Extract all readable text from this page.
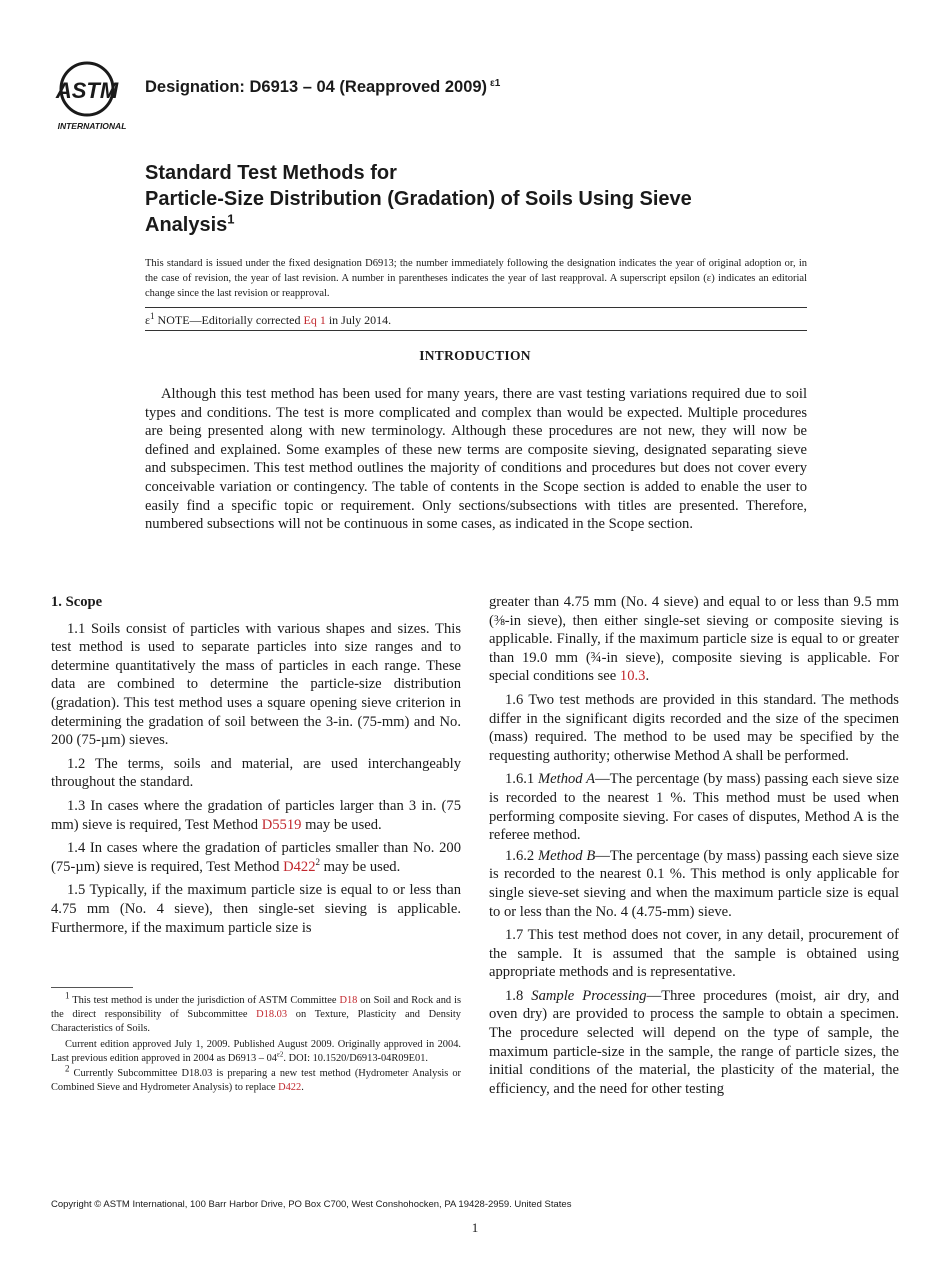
ASTM
INTERNATIONAL
Designation: D6913 – 04 (Reapproved 2009) $^{\varepsilon 1}$
Standard Test Methods for
Particle-Size Distribution (Gradation) of Soils Using Sieve
Analysis$^1$
This standard is issued under the fixed designation D6913; the number immediately following the designation indicates the year of original adoption or, in the case of revision, the year of last revision. A number in parentheses indicates the year of last reapproval. A superscript epsilon (ε) indicates an editorial change since the last revision or reapproval.
$\varepsilon^1$ NOTE—Editorially corrected Eq 1 in July 2014.
INTRODUCTION

Although this test method has been used for many years, there are vast testing variations required due to soil types and conditions. The test is more complicated and complex than would be expected. Multiple procedures are being presented along with new terminology. Although these procedures are not new, they will now be defined and explained. Some examples of these new terms are composite sieving, designated separating sieve and subspecimen. This test method outlines the majority of conditions and procedures but does not cover every conceivable variation or contingency. The table of contents in the Scope section is added to enable the user to easily find a specific topic or requirement. Only sections/subsections with titles are presented. Therefore, numbered subsections will not be continuous in some cases, as indicated in the Scope section.

1. Scope

1.1 Soils consist of particles with various shapes and sizes. This test method is used to separate particles into size ranges and to determine quantitatively the mass of particles in each range. These data are combined to determine the particle-size distribution (gradation). This test method uses a square opening sieve criterion in determining the gradation of soil between the 3-in. (75-mm) and No. 200 (75-µm) sieves.

1.2 The terms, soils and material, are used interchangeably throughout the standard.

1.3 In cases where the gradation of particles larger than 3 in. (75 mm) sieve is required, Test Method D5519 may be used.

1.4 In cases where the gradation of particles smaller than No. 200 (75-µm) sieve is required, Test Method $D422^2$ may be used.

1.5 Typically, if the maximum particle size is equal to or less than 4.75 mm (No. 4 sieve), then single-set sieving is applicable. Furthermore, if the maximum particle size is

$^1$ This test method is under the jurisdiction of ASTM Committee D18 on Soil and Rock and is the direct responsibility of Subcommittee D18.03 on Texture, Plasticity and Density Characteristics of Soils.

Current edition approved July 1, 2009. Published August 2009. Originally approved in 2004. Last previous edition approved in 2004 as $D6913 - 04^{\varepsilon 2}$. DOI: 10.1520/D6913-04R09E01.

$^2$ Currently Subcommittee D18.03 is preparing a new test method (Hydrometer Analysis or Combined Sieve and Hydrometer Analysis) to replace D422.

greater than 4.75 mm (No. 4 sieve) and equal to or less than 9.5 mm (⅜-in sieve), then either single-set sieving or composite sieving is applicable. Finally, if the maximum particle size is equal to or greater than 19.0 mm (¾-in sieve), composite sieving is applicable. For special conditions see 10.3.

1.6 Two test methods are provided in this standard. The methods differ in the significant digits recorded and the size of the specimen (mass) required. The method to be used may be specified by the requesting authority; otherwise Method A shall be performed.

1.6.1 Method A—The percentage (by mass) passing each sieve size is recorded to the nearest 1 %. This method must be used when performing composite sieving. For cases of disputes, Method A is the referee method.

1.6.2 Method B—The percentage (by mass) passing each sieve size is recorded to the nearest 0.1 %. This method is only applicable for single sieve-set sieving and when the maximum particle size is equal to or less than the No. 4 (4.75-mm) sieve.

1.7 This test method does not cover, in any detail, procurement of the sample. It is assumed that the sample is obtained using appropriate methods and is representative.

1.8 Sample Processing—Three procedures (moist, air dry, and oven dry) are provided to process the sample to obtain a specimen. The procedure selected will depend on the type of sample, the maximum particle-size in the sample, the range of particle sizes, the initial conditions of the material, the plasticity of the material, the efficiency, and the need for other testing

Copyright © ASTM International, 100 Barr Harbor Drive, PO Box C700, West Conshohocken, PA 19428-2959. United States
1
